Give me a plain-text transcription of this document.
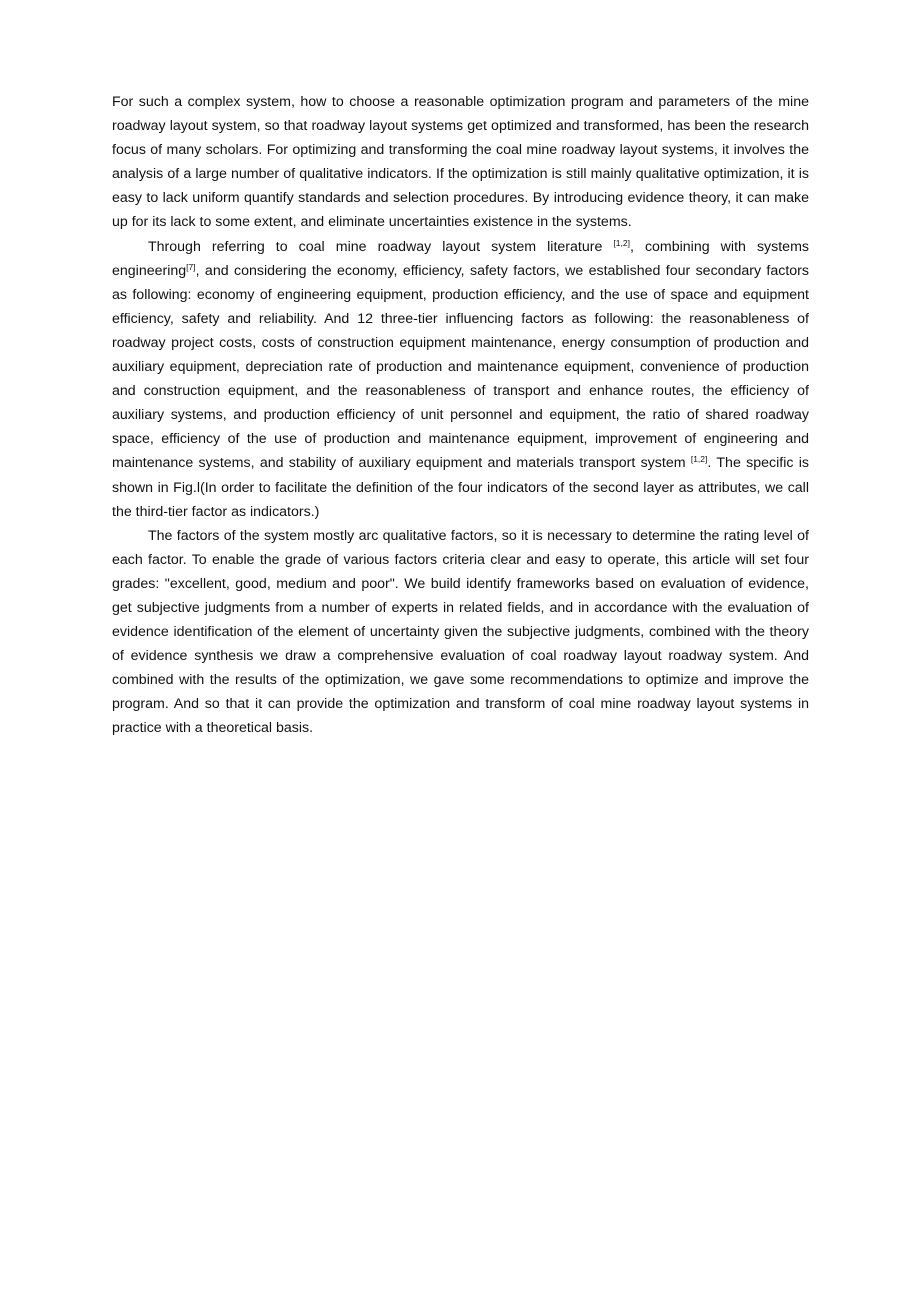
For such a complex system, how to choose a reasonable optimization program and parameters of the mine roadway layout system, so that roadway layout systems get optimized and transformed, has been the research focus of many scholars. For optimizing and transforming the coal mine roadway layout systems, it involves the analysis of a large number of qualitative indicators. If the optimization is still mainly qualitative optimization, it is easy to lack uniform quantify standards and selection procedures. By introducing evidence theory, it can make up for its lack to some extent, and eliminate uncertainties existence in the systems.

Through referring to coal mine roadway layout system literature [1,2], combining with systems engineering[7], and considering the economy, efficiency, safety factors, we established four secondary factors as following: economy of engineering equipment, production efficiency, and the use of space and equipment efficiency, safety and reliability. And 12 three-tier influencing factors as following: the reasonableness of roadway project costs, costs of construction equipment maintenance, energy consumption of production and auxiliary equipment, depreciation rate of production and maintenance equipment, convenience of production and construction equipment, and the reasonableness of transport and enhance routes, the efficiency of auxiliary systems, and production efficiency of unit personnel and equipment, the ratio of shared roadway space, efficiency of the use of production and maintenance equipment, improvement of engineering and maintenance systems, and stability of auxiliary equipment and materials transport system [1,2]. The specific is shown in Fig.l(In order to facilitate the definition of the four indicators of the second layer as attributes, we call the third-tier factor as indicators.)

The factors of the system mostly arc qualitative factors, so it is necessary to determine the rating level of each factor. To enable the grade of various factors criteria clear and easy to operate, this article will set four grades: "excellent, good, medium and poor". We build identify frameworks based on evaluation of evidence, get subjective judgments from a number of experts in related fields, and in accordance with the evaluation of evidence identification of the element of uncertainty given the subjective judgments, combined with the theory of evidence synthesis we draw a comprehensive evaluation of coal roadway layout roadway system. And combined with the results of the optimization, we gave some recommendations to optimize and improve the program. And so that it can provide the optimization and transform of coal mine roadway layout systems in practice with a theoretical basis.
